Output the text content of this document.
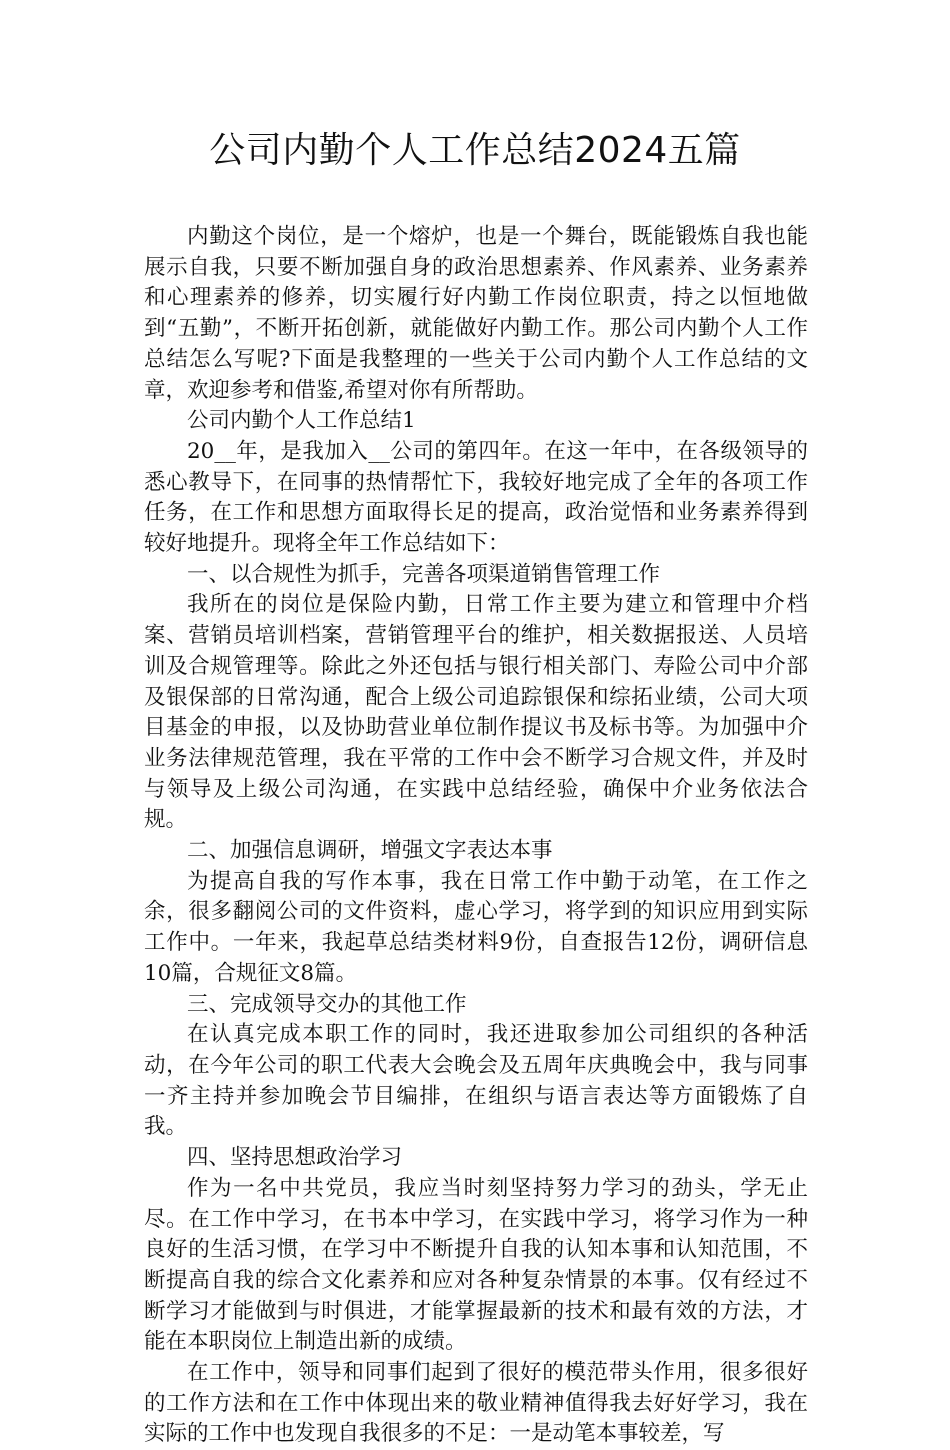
公司内勤个人工作总结2024五篇

内勤这个岗位，是一个熔炉，也是一个舞台，既能锻炼自我也能展示自我，只要不断加强自身的政治思想素养、作风素养、业务素养和心理素养的修养，切实履行好内勤工作岗位职责，持之以恒地做到“五勤”，不断开拓创新，就能做好内勤工作。那公司内勤个人工作总结怎么写呢?下面是我整理的一些关于公司内勤个人工作总结的文章，欢迎参考和借鉴,希望对你有所帮助。

公司内勤个人工作总结1

20__年，是我加入__公司的第四年。在这一年中，在各级领导的悉心教导下，在同事的热情帮忙下，我较好地完成了全年的各项工作任务，在工作和思想方面取得长足的提高，政治觉悟和业务素养得到较好地提升。现将全年工作总结如下：

一、以合规性为抓手，完善各项渠道销售管理工作

我所在的岗位是保险内勤，日常工作主要为建立和管理中介档案、营销员培训档案，营销管理平台的维护，相关数据报送、人员培训及合规管理等。除此之外还包括与银行相关部门、寿险公司中介部及银保部的日常沟通，配合上级公司追踪银保和综拓业绩，公司大项目基金的申报，以及协助营业单位制作提议书及标书等。为加强中介业务法律规范管理，我在平常的工作中会不断学习合规文件，并及时与领导及上级公司沟通，在实践中总结经验，确保中介业务依法合规。

二、加强信息调研，增强文字表达本事

为提高自我的写作本事，我在日常工作中勤于动笔，在工作之余，很多翻阅公司的文件资料，虚心学习，将学到的知识应用到实际工作中。一年来，我起草总结类材料9份，自查报告12份，调研信息10篇，合规征文8篇。

三、完成领导交办的其他工作

在认真完成本职工作的同时，我还进取参加公司组织的各种活动，在今年公司的职工代表大会晚会及五周年庆典晚会中，我与同事一齐主持并参加晚会节目编排，在组织与语言表达等方面锻炼了自我。

四、坚持思想政治学习

作为一名中共党员，我应当时刻坚持努力学习的劲头，学无止尽。在工作中学习，在书本中学习，在实践中学习，将学习作为一种良好的生活习惯，在学习中不断提升自我的认知本事和认知范围，不断提高自我的综合文化素养和应对各种复杂情景的本事。仅有经过不断学习才能做到与时俱进，才能掌握最新的技术和最有效的方法，才能在本职岗位上制造出新的成绩。

在工作中，领导和同事们起到了很好的模范带头作用，很多很好的工作方法和在工作中体现出来的敬业精神值得我去好好学习，我在实际的工作中也发现自我很多的不足：一是动笔本事较差，写
